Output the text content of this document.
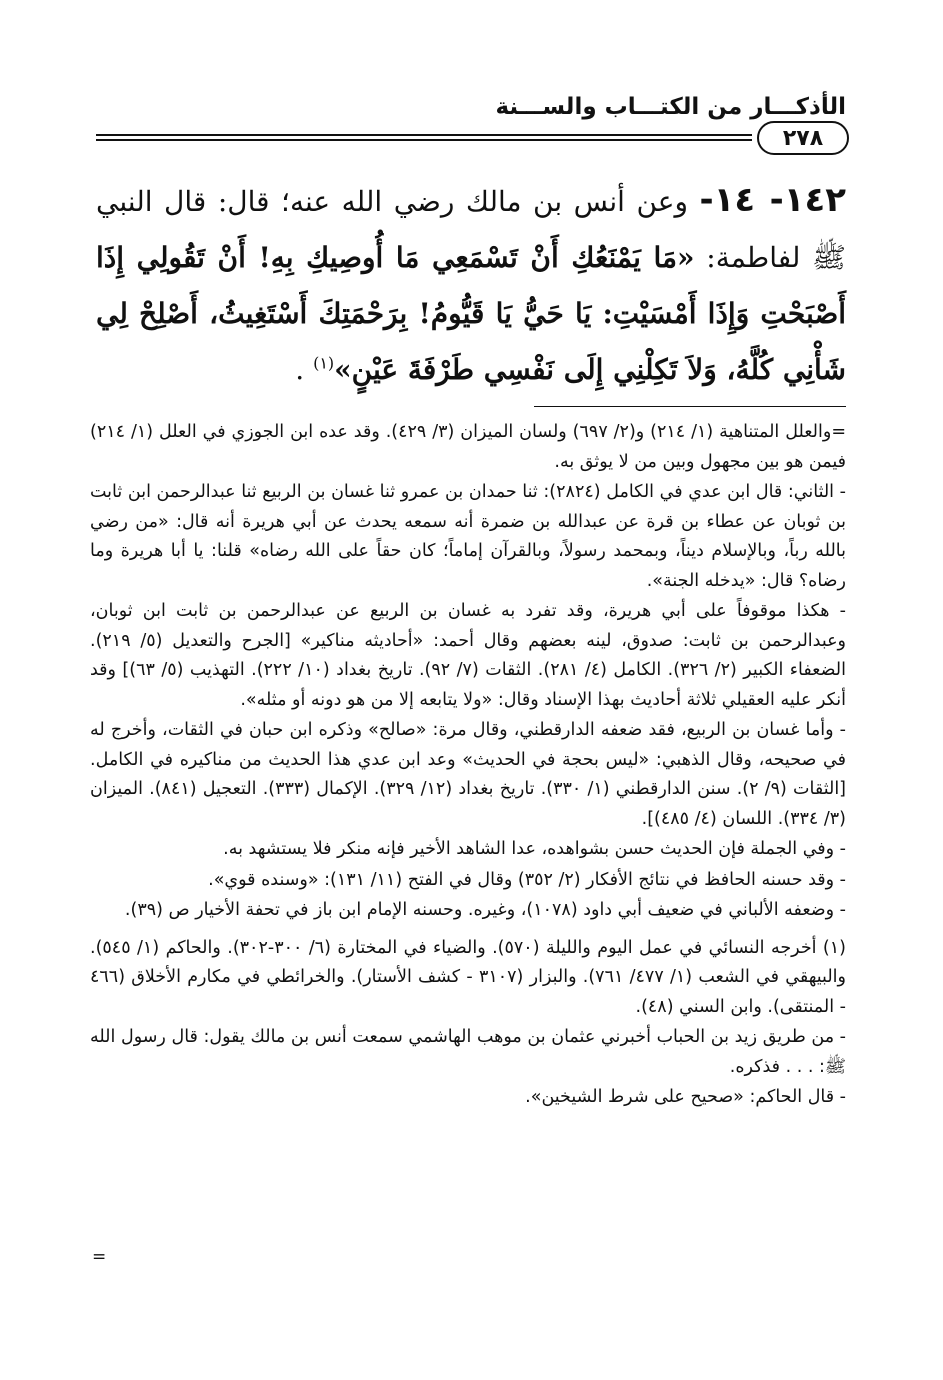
الأذكـــار من الكتـــاب والســـنة
٢٧٨
١٤٢- ١٤- وعن أنس بن مالك رضي الله عنه؛ قال: قال النبي ﷺ لفاطمة: «مَا يَمْنَعُكِ أَنْ تَسْمَعِي مَا أُوصِيكِ بِهِ! أَنْ تَقُولِي إِذَا أَصْبَحْتِ وَإِذَا أَمْسَيْتِ: يَا حَيُّ يَا قَيُّومُ! بِرَحْمَتِكَ أَسْتَغِيثُ، أَصْلِحْ لِي شَأْنِي كُلَّهُ، وَلاَ تَكِلْنِي إِلَى نَفْسِي طَرْفَةَ عَيْنٍ»$^{(١)}$ .

=والعلل المتناهية (١/ ٢١٤) و(٢/ ٦٩٧) ولسان الميزان (٣/ ٤٢٩). وقد عده ابن الجوزي في العلل (١/ ٢١٤) فيمن هو بين مجهول وبين من لا يوثق به.

- الثاني: قال ابن عدي في الكامل (٢٨٢٤): ثنا حمدان بن عمرو ثنا غسان بن الربيع ثنا عبدالرحمن ابن ثابت بن ثوبان عن عطاء بن قرة عن عبدالله بن ضمرة أنه سمعه يحدث عن أبي هريرة أنه قال: «من رضي بالله رباً، وبالإسلام ديناً، وبمحمد رسولاً، وبالقرآن إماماً؛ كان حقاً على الله رضاه» قلنا: يا أبا هريرة وما رضاه؟ قال: «يدخله الجنة».

- هكذا موقوفاً على أبي هريرة، وقد تفرد به غسان بن الربيع عن عبدالرحمن بن ثابت ابن ثوبان، وعبدالرحمن بن ثابت: صدوق، لينه بعضهم وقال أحمد: «أحاديثه مناكير» [الجرح والتعديل (٥/ ٢١٩). الضعفاء الكبير (٢/ ٣٢٦). الكامل (٤/ ٢٨١). الثقات (٧/ ٩٢). تاريخ بغداد (١٠/ ٢٢٢). التهذيب (٥/ ٦٣)] وقد أنكر عليه العقيلي ثلاثة أحاديث بهذا الإسناد وقال: «ولا يتابعه إلا من هو دونه أو مثله».

- وأما غسان بن الربيع، فقد ضعفه الدارقطني، وقال مرة: «صالح» وذكره ابن حبان في الثقات، وأخرج له في صحيحه، وقال الذهبي: «ليس بحجة في الحديث» وعد ابن عدي هذا الحديث من مناكيره في الكامل. [الثقات (٩/ ٢). سنن الدارقطني (١/ ٣٣٠). تاريخ بغداد (١٢/ ٣٢٩). الإكمال (٣٣٣). التعجيل (٨٤١). الميزان (٣/ ٣٣٤). اللسان (٤/ ٤٨٥)].

- وفي الجملة فإن الحديث حسن بشواهده، عدا الشاهد الأخير فإنه منكر فلا يستشهد به.

- وقد حسنه الحافظ في نتائج الأفكار (٢/ ٣٥٢) وقال في الفتح (١١/ ١٣١): «وسنده قوي».

- وضعفه الألباني في ضعيف أبي داود (١٠٧٨)، وغيره. وحسنه الإمام ابن باز في تحفة الأخيار ص (٣٩).

(١) أخرجه النسائي في عمل اليوم والليلة (٥٧٠). والضياء في المختارة (٦/ ٣٠٠-٣٠٢). والحاكم (١/ ٥٤٥). والبيهقي في الشعب (١/ ٤٧٧/ ٧٦١). والبزار (٣١٠٧ - كشف الأستار). والخرائطي في مكارم الأخلاق (٤٦٦ - المنتقى). وابن السني (٤٨).

- من طريق زيد بن الحباب أخبرني عثمان بن موهب الهاشمي سمعت أنس بن مالك يقول: قال رسول الله ﷺ: . . . فذكره.

- قال الحاكم: «صحيح على شرط الشيخين».

=
